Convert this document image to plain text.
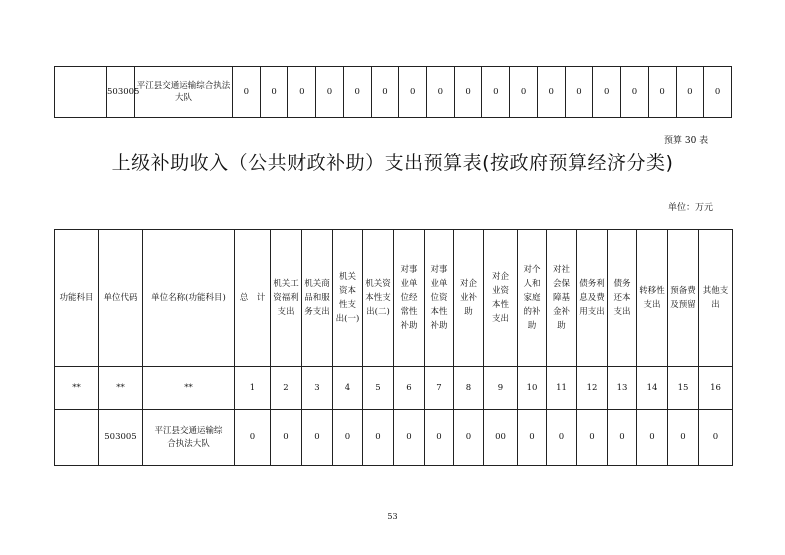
	503005	平江县交通运输综合执法大队	0	0	0	0	0	0	0	0	0	0	0	0	0	0	0	0	0	0
预算 30 表
上级补助收入（公共财政补助）支出预算表(按政府预算经济分类)
单位：万元
功能科目	单位代码	单位名称(功能科目)	总　计	机关工资福利支出	机关商品和服务支出	机关资本性支出(一)	机关资本性支出(二)	对事业单位经常性补助	对事业单位资本性补助	对企业补助	对企业资本性支出	对个人和家庭的补助	对社会保障基金补助	债务利息及费用支出	债务还本支出	转移性支出	预备费及预留	其他支出
**	**	**	1	2	3	4	5	6	7	8	9	10	11	12	13	14	15	16
	503005	平江县交通运输综合执法大队	0	0	0	0	0	0	0	0	00	0	0	0	0	0	0	0
53
